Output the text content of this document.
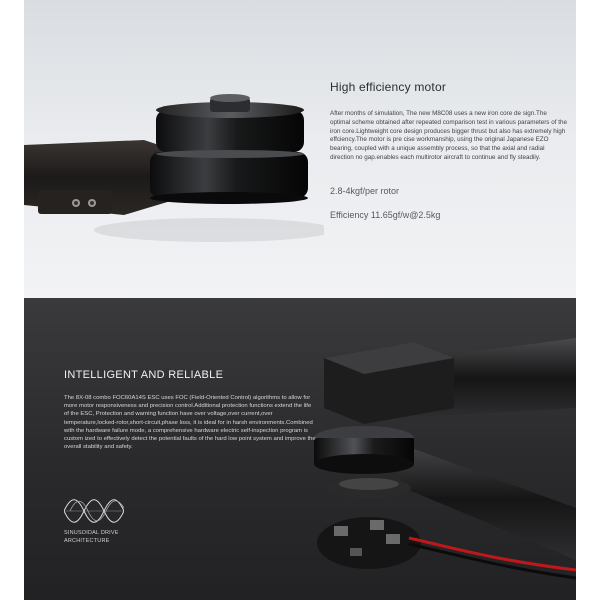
High efficiency motor
After months of simulation, The new M8C08 uses a new iron core de sign.The optimal scheme obtained after repeated comparison test in various parameters of the iron core.Lightweight core design produces bigger thrust but also has extremely high effciency.The motor is pre cise workmanship, using the original Japanese EZO bearing, coupled with a unique assembly process, so that the axial and radial direction no gap.enables each multirotor aircraft to continue and fly steadily.
2.8-4kgf/per rotor
Efficiency 11.65gf/w@2.5kg
INTELLIGENT AND RELIABLE
The 8X-08 combo FOC60A14S ESC uses FOC (Field-Oriented Control) algorithms to allow for more motor responsiveness and precision control.Additional protection functions extend the life of the ESC, Protection and warning function have over voltage,over current,over temperature,locked-rotor,short-circuit,phase loss, it is ideal for in harsh environments.Combined with the hardware failure mode, a comprehensive hardware electric self-inspection program is custom ized to effectively detect the potential faults of the hard low point system and improve the overall stability and safety.
SINUSOIDAL DRIVE
ARCHITECTURE
